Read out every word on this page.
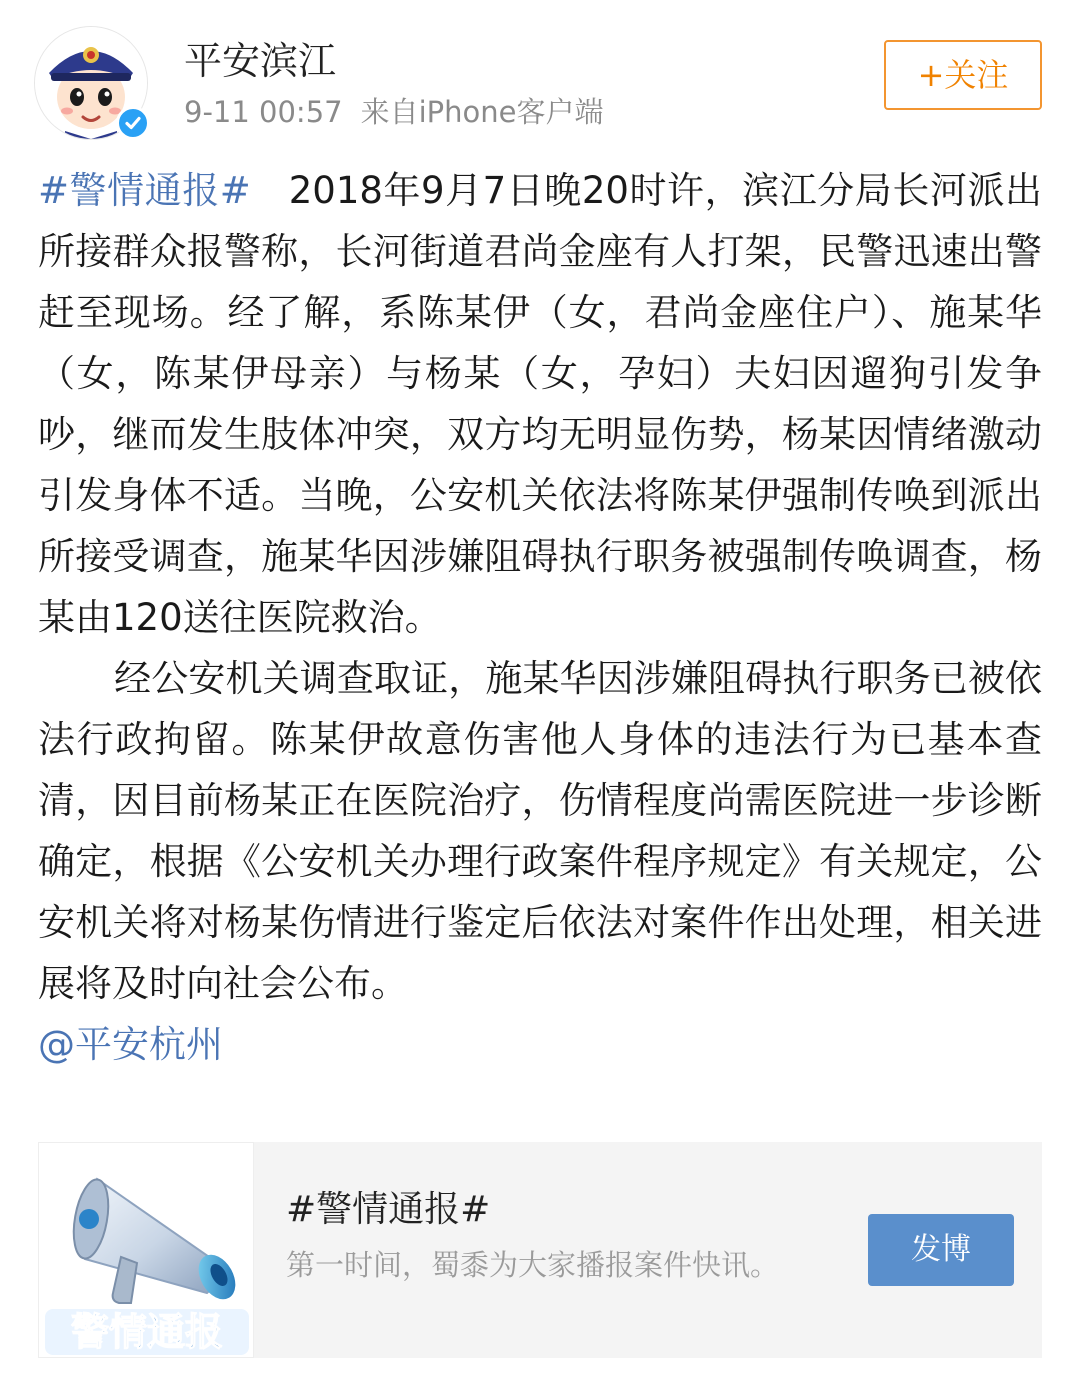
平安滨江
9-11 00:57 来自iPhone客户端
+关注

#警情通报# 2018年9月7日晚20时许，滨江分局长河派出所接群众报警称，长河街道君尚金座有人打架，民警迅速出警赶至现场。经了解，系陈某伊（女，君尚金座住户）、施某华（女，陈某伊母亲）与杨某（女，孕妇）夫妇因遛狗引发争吵，继而发生肢体冲突，双方均无明显伤势，杨某因情绪激动引发身体不适。当晚，公安机关依法将陈某伊强制传唤到派出所接受调查，施某华因涉嫌阻碍执行职务被强制传唤调查，杨某由120送往医院救治。

经公安机关调查取证，施某华因涉嫌阻碍执行职务已被依法行政拘留。陈某伊故意伤害他人身体的违法行为已基本查清，因目前杨某正在医院治疗，伤情程度尚需医院进一步诊断确定，根据《公安机关办理行政案件程序规定》有关规定，公安机关将对杨某伤情进行鉴定后依法对案件作出处理，相关进展将及时向社会公布。

@平安杭州

警情通报
#警情通报#
第一时间，蜀黍为大家播报案件快讯。	发博
